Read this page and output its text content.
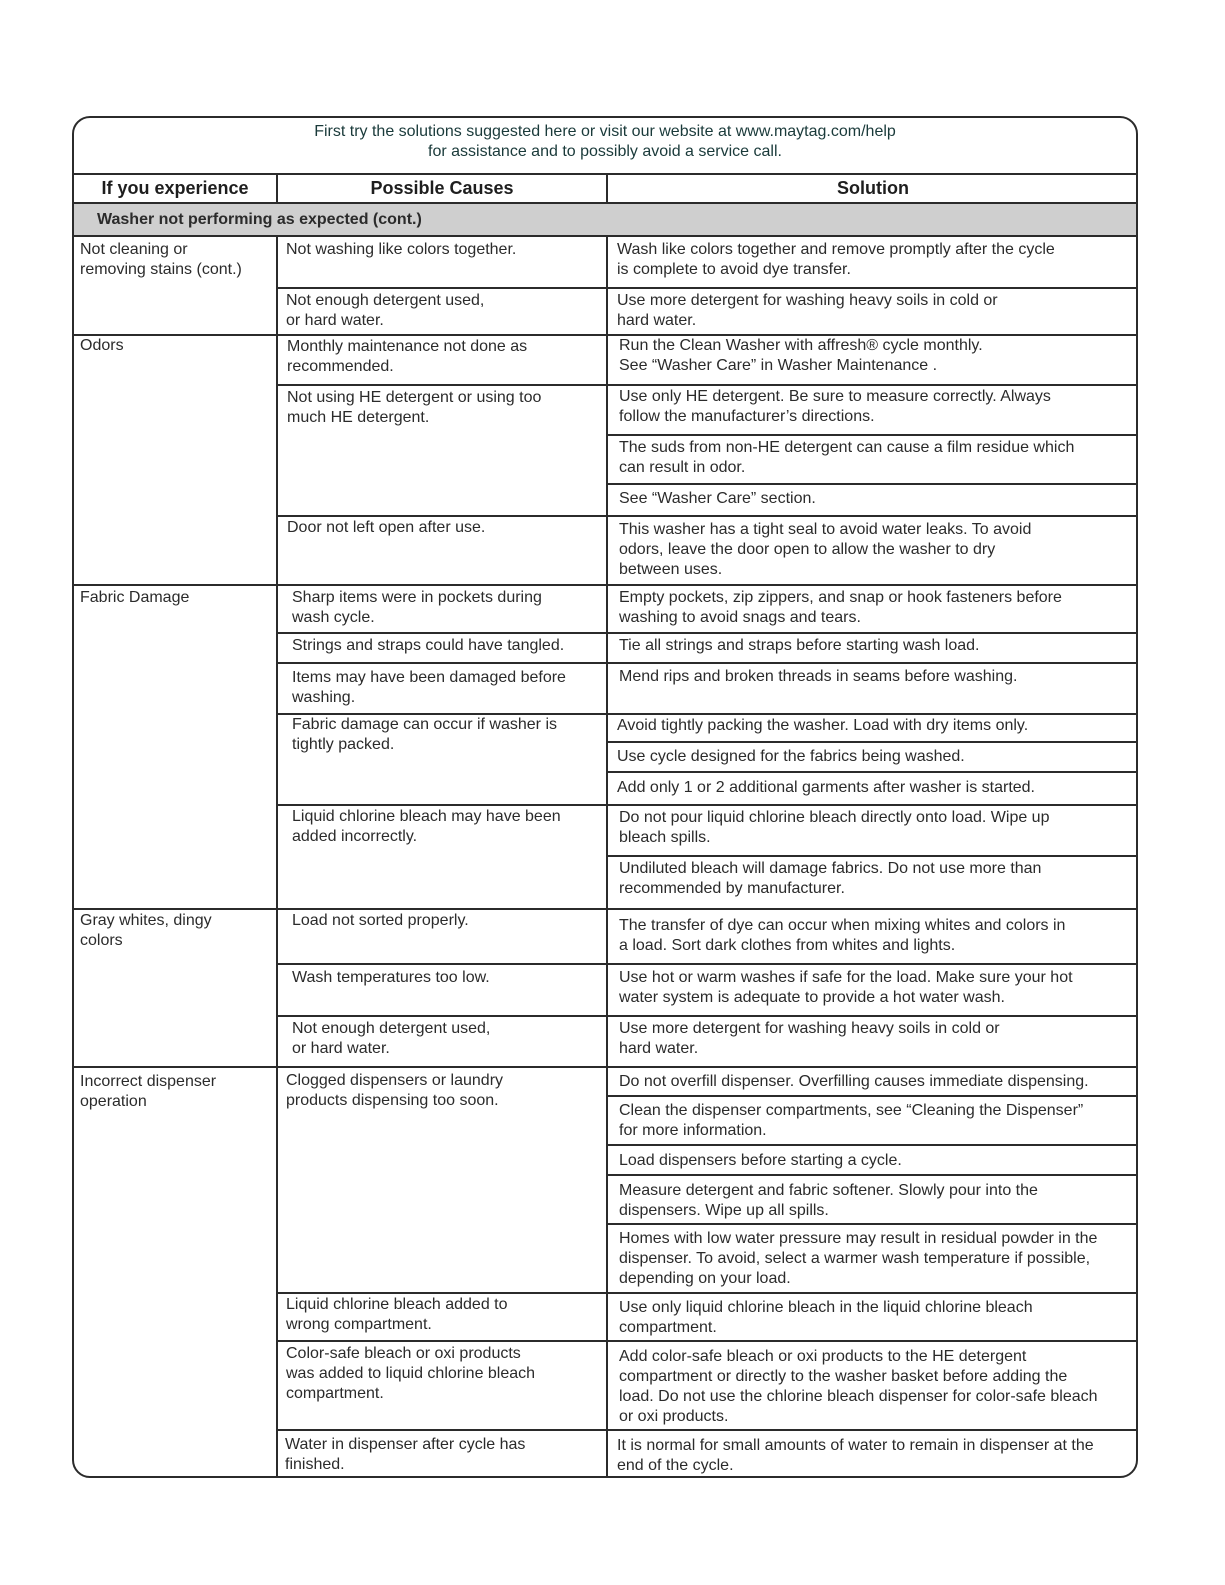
First try the solutions suggested here or visit our website at www.maytag.com/help
for assistance and to possibly avoid a service call.
If you experience	Possible Causes	Solution
Washer not performing as expected (cont.)
Not cleaning or
removing stains (cont.)
Odors
Fabric Damage
Gray whites, dingy
colors
Incorrect dispenser
operation
Not washing like colors together.
Not enough detergent used,
or hard water.
Monthly maintenance not done as
recommended.
Not using HE detergent or using too
much HE detergent.
Door not left open after use.
Sharp items were in pockets during
wash cycle.
Strings and straps could have tangled.
Items may have been damaged before
washing.
Fabric damage can occur if washer is
tightly packed.
Liquid chlorine bleach may have been
added incorrectly.
Load not sorted properly.
Wash temperatures too low.
Not enough detergent used,
or hard water.
Clogged dispensers or laundry
products dispensing too soon.
Liquid chlorine bleach added to
wrong compartment.
Color-safe bleach or oxi products
was added to liquid chlorine bleach
compartment.
Water in dispenser after cycle has
finished.
Wash like colors together and remove promptly after the cycle
is complete to avoid dye transfer.
Use more detergent for washing heavy soils in cold or
hard water.
Run the Clean Washer with affresh® cycle monthly.
See “Washer Care” in Washer Maintenance .
Use only HE detergent. Be sure to measure correctly. Always
follow the manufacturer’s directions.
The suds from non-HE detergent can cause a film residue which
can result in odor.
See “Washer Care” section.
This washer has a tight seal to avoid water leaks. To avoid
odors, leave the door open to allow the washer to dry
between uses.
Empty pockets, zip zippers, and snap or hook fasteners before
washing to avoid snags and tears.
Tie all strings and straps before starting wash load.
Mend rips and broken threads in seams before washing.
Avoid tightly packing the washer. Load with dry items only.
Use cycle designed for the fabrics being washed.
Add only 1 or 2 additional garments after washer is started.
Do not pour liquid chlorine bleach directly onto load. Wipe up
bleach spills.
Undiluted bleach will damage fabrics. Do not use more than
recommended by manufacturer.
The transfer of dye can occur when mixing whites and colors in
a load. Sort dark clothes from whites and lights.
Use hot or warm washes if safe for the load. Make sure your hot
water system is adequate to provide a hot water wash.
Use more detergent for washing heavy soils in cold or
hard water.
Do not overfill dispenser. Overfilling causes immediate dispensing.
Clean the dispenser compartments, see “Cleaning the Dispenser”
for more information.
Load dispensers before starting a cycle.
Measure detergent and fabric softener. Slowly pour into the
dispensers. Wipe up all spills.
Homes with low water pressure may result in residual powder in the
dispenser. To avoid, select a warmer wash temperature if possible,
depending on your load.
Use only liquid chlorine bleach in the liquid chlorine bleach
compartment.
Add color-safe bleach or oxi products to the HE detergent
compartment or directly to the washer basket before adding the
load. Do not use the chlorine bleach dispenser for color-safe bleach
or oxi products.
It is normal for small amounts of water to remain in dispenser at the
end of the cycle.
